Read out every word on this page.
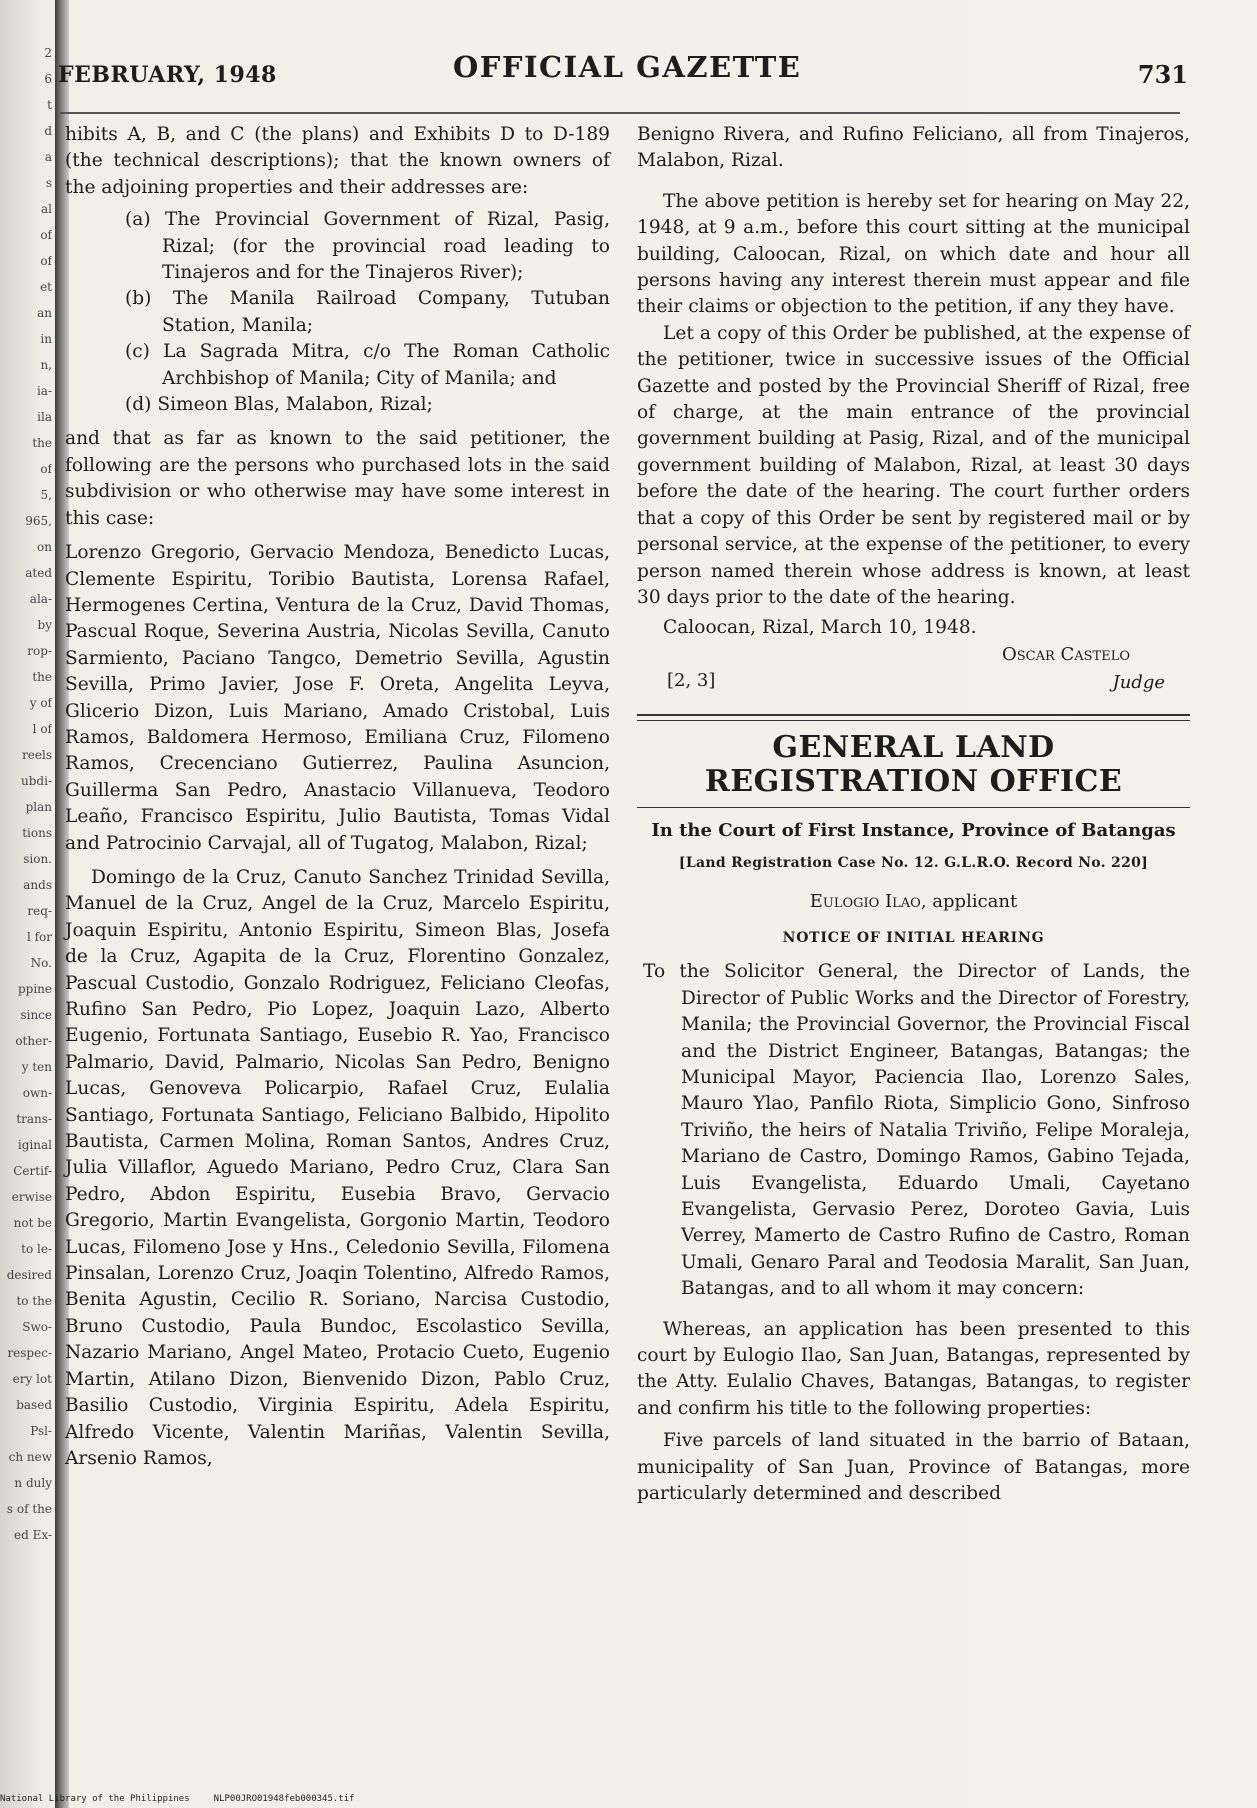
2
6
t
d
a
s
al
of
of
et
an
in
n,
ia-
ila
the
of
5,
965,
on
ated
ala-
by
rop-
the
y of
l of
reels
ubdi-
plan
tions
sion.
ands
req-
l for
No.
ppine
since
other-
y ten
own-
trans-
iginal
Certif-
erwise
not be
to le-
desired
to the
Swo-
respec-
ery lot
based
Psl-
ch new
n duly
s of the
ed Ex-
FEBRUARY, 1948	OFFICIAL GAZETTE	731

hibits A, B, and C (the plans) and Exhibits D to D-189 (the technical descriptions); that the known owners of the adjoining properties and their addresses are:

(a) The Provincial Government of Rizal, Pasig, Rizal; (for the provincial road leading to Tinajeros and for the Tinajeros River);

(b) The Manila Railroad Company, Tutuban Station, Manila;

(c) La Sagrada Mitra, c/o The Roman Catholic Archbishop of Manila; City of Manila; and

(d) Simeon Blas, Malabon, Rizal;

and that as far as known to the said petitioner, the following are the persons who purchased lots in the said subdivision or who otherwise may have some interest in this case:

Lorenzo Gregorio, Gervacio Mendoza, Benedicto Lucas, Clemente Espiritu, Toribio Bautista, Lorensa Rafael, Hermogenes Certina, Ventura de la Cruz, David Thomas, Pascual Roque, Severina Austria, Nicolas Sevilla, Canuto Sarmiento, Paciano Tangco, Demetrio Sevilla, Agustin Sevilla, Primo Javier, Jose F. Oreta, Angelita Leyva, Glicerio Dizon, Luis Mariano, Amado Cristobal, Luis Ramos, Baldomera Hermoso, Emiliana Cruz, Filomeno Ramos, Crecenciano Gutierrez, Paulina Asuncion, Guillerma San Pedro, Anastacio Villanueva, Teodoro Leaño, Francisco Espiritu, Julio Bautista, Tomas Vidal and Patrocinio Carvajal, all of Tugatog, Malabon, Rizal;

Domingo de la Cruz, Canuto Sanchez Trinidad Sevilla, Manuel de la Cruz, Angel de la Cruz, Marcelo Espiritu, Joaquin Espiritu, Antonio Espiritu, Simeon Blas, Josefa de la Cruz, Agapita de la Cruz, Florentino Gonzalez, Pascual Custodio, Gonzalo Rodriguez, Feliciano Cleofas, Rufino San Pedro, Pio Lopez, Joaquin Lazo, Alberto Eugenio, Fortunata Santiago, Eusebio R. Yao, Francisco Palmario, David, Palmario, Nicolas San Pedro, Benigno Lucas, Genoveva Policarpio, Rafael Cruz, Eulalia Santiago, Fortunata Santiago, Feliciano Balbido, Hipolito Bautista, Carmen Molina, Roman Santos, Andres Cruz, Julia Villaflor, Aguedo Mariano, Pedro Cruz, Clara San Pedro, Abdon Espiritu, Eusebia Bravo, Gervacio Gregorio, Martin Evangelista, Gorgonio Martin, Teodoro Lucas, Filomeno Jose y Hns., Celedonio Sevilla, Filomena Pinsalan, Lorenzo Cruz, Joaqin Tolentino, Alfredo Ramos, Benita Agustin, Cecilio R. Soriano, Narcisa Custodio, Bruno Custodio, Paula Bundoc, Escolastico Sevilla, Nazario Mariano, Angel Mateo, Protacio Cueto, Eugenio Martin, Atilano Dizon, Bienvenido Dizon, Pablo Cruz, Basilio Custodio, Virginia Espiritu, Adela Espiritu, Alfredo Vicente, Valentin Mariñas, Valentin Sevilla, Arsenio Ramos,

Benigno Rivera, and Rufino Feliciano, all from Tinajeros, Malabon, Rizal.

The above petition is hereby set for hearing on May 22, 1948, at 9 a.m., before this court sitting at the municipal building, Caloocan, Rizal, on which date and hour all persons having any interest therein must appear and file their claims or objection to the petition, if any they have.

Let a copy of this Order be published, at the expense of the petitioner, twice in successive issues of the Official Gazette and posted by the Provincial Sheriff of Rizal, free of charge, at the main entrance of the provincial government building at Pasig, Rizal, and of the municipal government building of Malabon, Rizal, at least 30 days before the date of the hearing. The court further orders that a copy of this Order be sent by registered mail or by personal service, at the expense of the petitioner, to every person named therein whose address is known, at least 30 days prior to the date of the hearing.

Caloocan, Rizal, March 10, 1948.

Oscar Castelo
[2, 3]	Judge
GENERAL LAND REGISTRATION OFFICE
In the Court of First Instance, Province of Batangas
[Land Registration Case No. 12. G.L.R.O. Record No. 220]
Eulogio Ilao, applicant
NOTICE OF INITIAL HEARING

To the Solicitor General, the Director of Lands, the Director of Public Works and the Director of Forestry, Manila; the Provincial Governor, the Provincial Fiscal and the District Engineer, Batangas, Batangas; the Municipal Mayor, Paciencia Ilao, Lorenzo Sales, Mauro Ylao, Panfilo Riota, Simplicio Gono, Sinfroso Triviño, the heirs of Natalia Triviño, Felipe Moraleja, Mariano de Castro, Domingo Ramos, Gabino Tejada, Luis Evangelista, Eduardo Umali, Cayetano Evangelista, Gervasio Perez, Doroteo Gavia, Luis Verrey, Mamerto de Castro Rufino de Castro, Roman Umali, Genaro Paral and Teodosia Maralit, San Juan, Batangas, and to all whom it may concern:

Whereas, an application has been presented to this court by Eulogio Ilao, San Juan, Batangas, represented by the Atty. Eulalio Chaves, Batangas, Batangas, to register and confirm his title to the following properties:

Five parcels of land situated in the barrio of Bataan, municipality of San Juan, Province of Batangas, more particularly determined and described

National Library of the Philippines	NLP00JRO01948feb000345.tif
